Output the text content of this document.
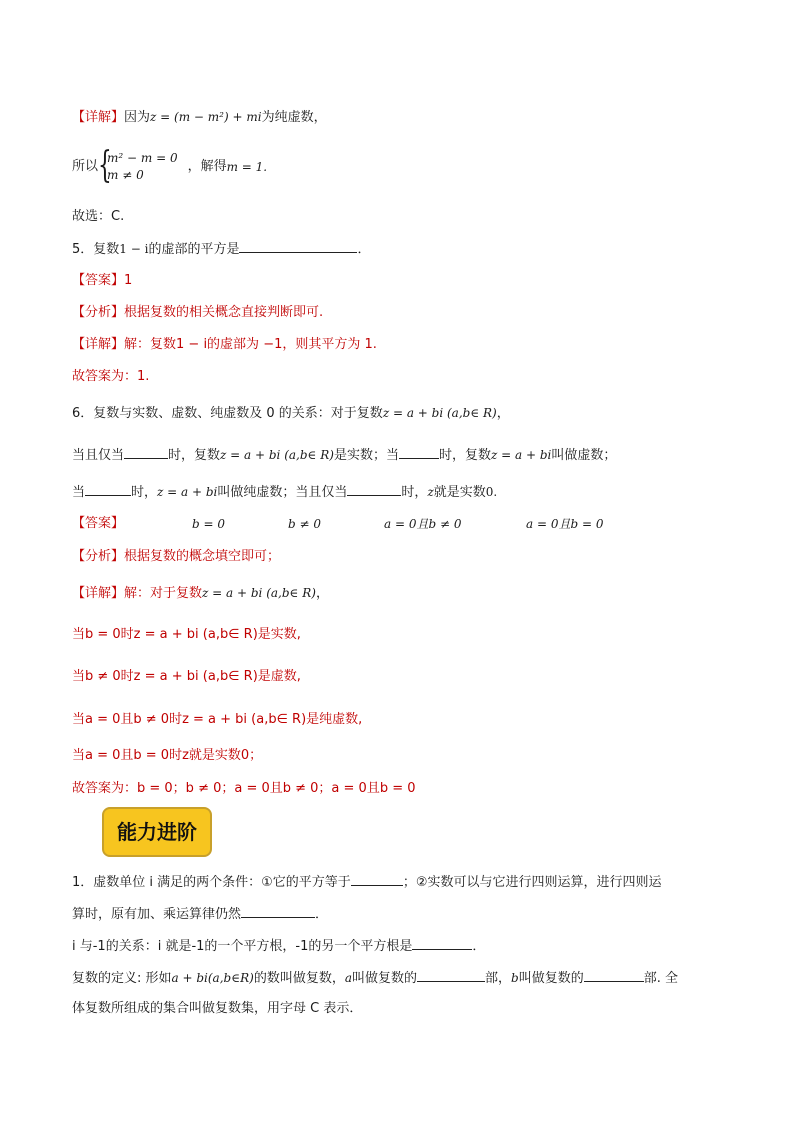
【详解】因为z = (m − m²) + mi为纯虚数，
所以 {
m² − m = 0
m ≠ 0
，解得m = 1.
故选：C.
5．复数1 − i的虚部的平方是	．
【答案】1
【分析】根据复数的相关概念直接判断即可.
【详解】解：复数1 − i的虚部为 −1，则其平方为 1.
故答案为：1.
6．复数与实数、虚数、纯虚数及 0 的关系：对于复数z = a + bi (a,b∈ R)，
当且仅当	时，复数z = a + bi (a,b∈ R)是实数；当	时，复数z = a + bi叫做虚数；
当	时，z = a + bi叫做纯虚数；当且仅当	时，z就是实数0.
【答案】	b = 0	b ≠ 0	a = 0且b ≠ 0	a = 0且b = 0
【分析】根据复数的概念填空即可；
【详解】解：对于复数z = a + bi (a,b∈ R)，
当b = 0时z = a + bi (a,b∈ R)是实数,
当b ≠ 0时z = a + bi (a,b∈ R)是虚数,
当a = 0且b ≠ 0时z = a + bi (a,b∈ R)是纯虚数,
当a = 0且b = 0时z就是实数0；
故答案为：b = 0；b ≠ 0；a = 0且b ≠ 0；a = 0且b = 0
能力进阶
1．虚数单位 i 满足的两个条件：①它的平方等于	；②实数可以与它进行四则运算，进行四则运
算时，原有加、乘运算律仍然	．
i 与-1的关系：i 就是-1的一个平方根，-1的另一个平方根是	．
复数的定义: 形如a + bi(a,b∈R)的数叫做复数，a叫做复数的	部，b叫做复数的	部. 全
体复数所组成的集合叫做复数集，用字母 C 表示．
